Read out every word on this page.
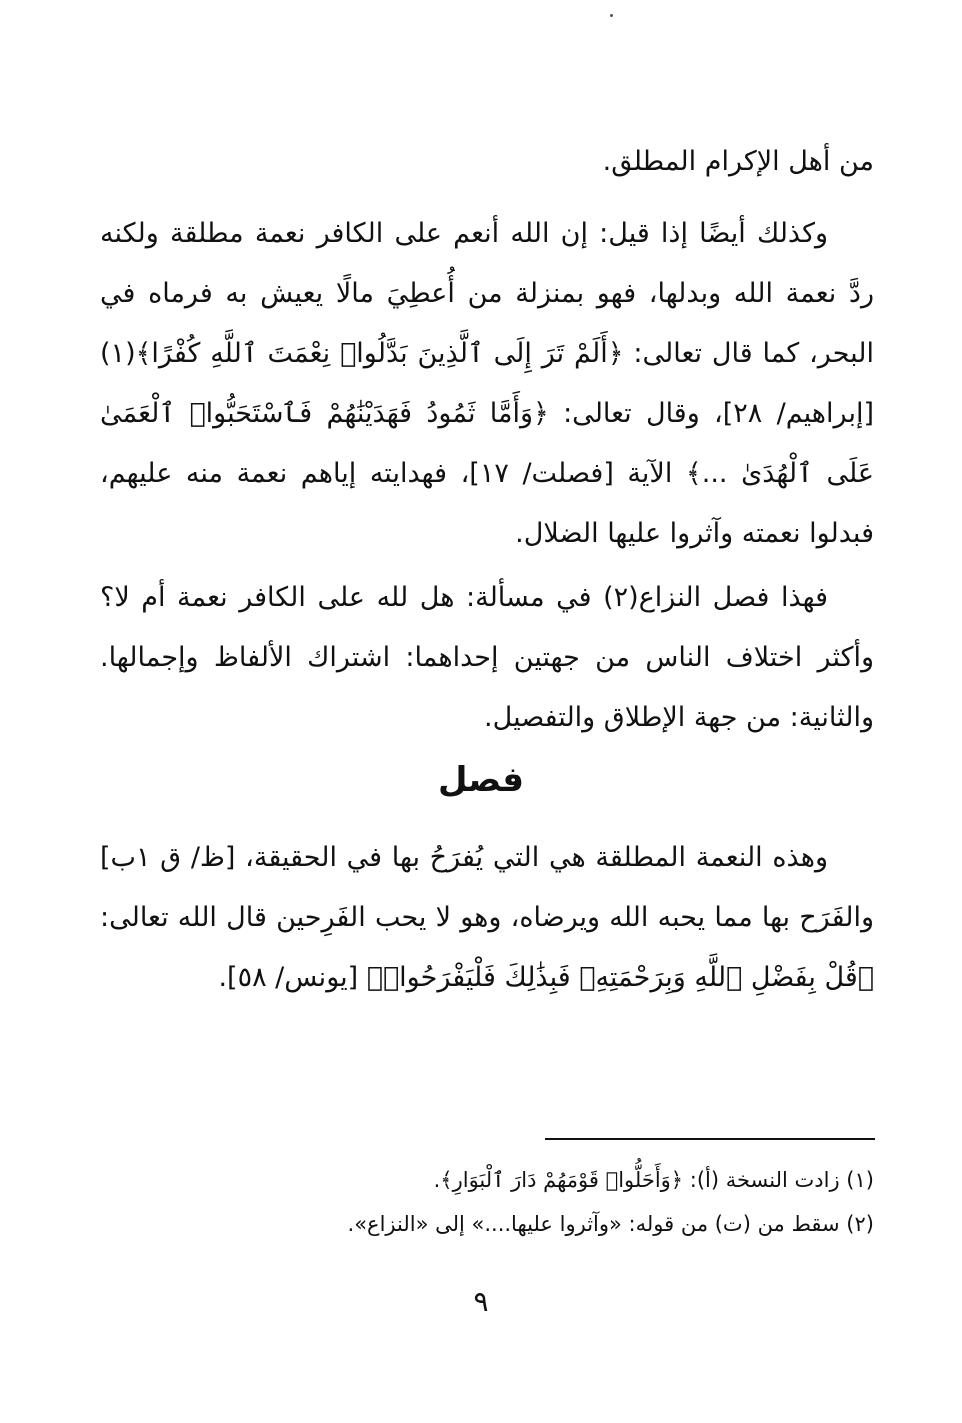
من أهل الإكرام المطلق.

وكذلك أيضًا إذا قيل: إن الله أنعم على الكافر نعمة مطلقة ولكنه ردَّ نعمة الله وبدلها، فهو بمنزلة من أُعطِيَ مالًا يعيش به فرماه في البحر، كما قال تعالى: ﴿أَلَمْ تَرَ إِلَى ٱلَّذِينَ بَدَّلُوا۟ نِعْمَتَ ٱللَّهِ كُفْرًا﴾(١) [إبراهيم/ ٢٨]، وقال تعالى: ﴿وَأَمَّا ثَمُودُ فَهَدَيْنَٰهُمْ فَٱسْتَحَبُّوا۟ ٱلْعَمَىٰ عَلَى ٱلْهُدَىٰ ...﴾ الآية [فصلت/ ١٧]، فهدايته إياهم نعمة منه عليهم، فبدلوا نعمته وآثروا عليها الضلال.

فهذا فصل النزاع(٢) في مسألة: هل لله على الكافر نعمة أم لا؟ وأكثر اختلاف الناس من جهتين إحداهما: اشتراك الألفاظ وإجمالها. والثانية: من جهة الإطلاق والتفصيل.

فصل

وهذه النعمة المطلقة هي التي يُفرَحُ بها في الحقيقة، [ظ/ ق ١ب] والفَرَح بها مما يحبه الله ويرضاه، وهو لا يحب الفَرِحين قال الله تعالى: ﴿قُلْ بِفَضْلِ ٱللَّهِ وَبِرَحْمَتِهِۦ فَبِذَٰلِكَ فَلْيَفْرَحُوا۟﴾ [يونس/ ٥٨].

(١) زادت النسخة (أ): ﴿وَأَحَلُّوا۟ قَوْمَهُمْ دَارَ ٱلْبَوَارِ﴾.

(٢) سقط من (ت) من قوله: «وآثروا عليها....» إلى «النزاع».

٩
